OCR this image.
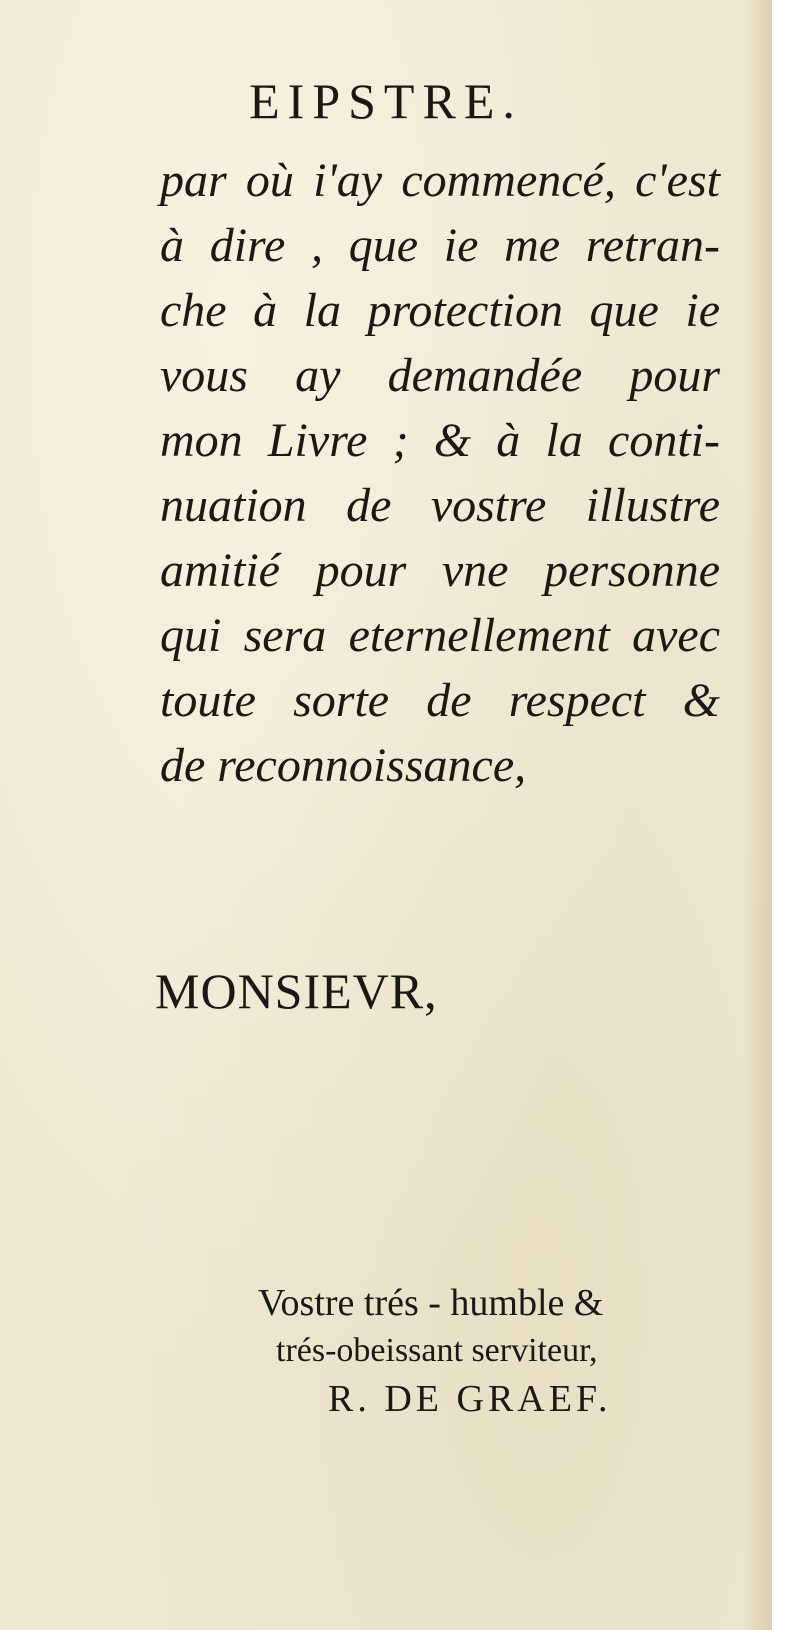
EIPSTRE.
par où i'ay commencé, c'est
à dire , que ie me retran-
che à la protection que ie
vous ay demandée pour
mon Livre ; & à la conti-
nuation de vostre illustre
amitié pour vne personne
qui sera eternellement avec
toute sorte de respect &
de reconnoissance,
MONSIEVR,
Vostre trés - humble &
trés-obeissant serviteur,
R. DE GRAEF.
